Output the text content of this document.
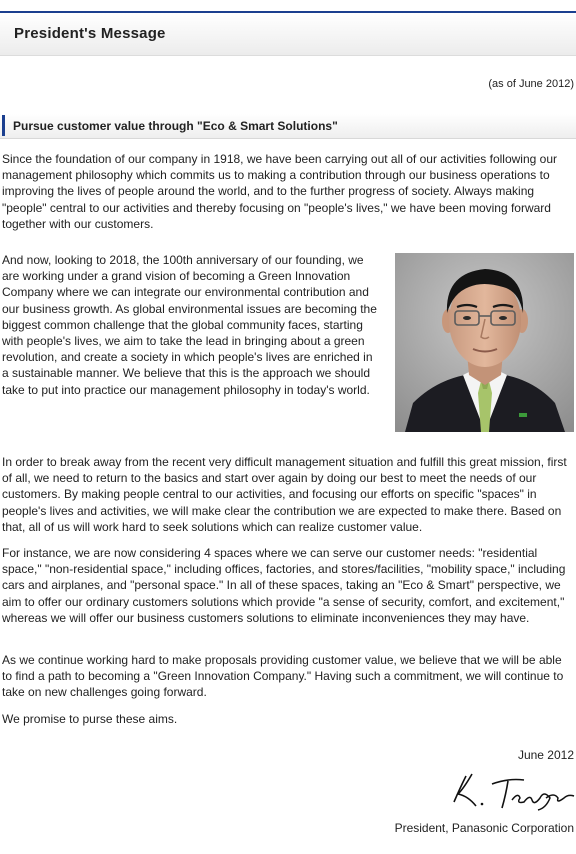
President's Message
(as of June 2012)
Pursue customer value through "Eco & Smart Solutions"

Since the foundation of our company in 1918, we have been carrying out all of our activities following our management philosophy which commits us to making a contribution through our business operations to improving the lives of people around the world, and to the further progress of society. Always making "people" central to our activities and thereby focusing on "people's lives," we have been moving forward together with our customers.

And now, looking to 2018, the 100th anniversary of our founding, we are working under a grand vision of becoming a Green Innovation Company where we can integrate our environmental contribution and our business growth. As global environmental issues are becoming the biggest common challenge that the global community faces, starting with people's lives, we aim to take the lead in bringing about a green revolution, and create a society in which people's lives are enriched in a sustainable manner. We believe that this is the approach we should take to put into practice our management philosophy in today's world.

In order to break away from the recent very difficult management situation and fulfill this great mission, first of all, we need to return to the basics and start over again by doing our best to meet the needs of our customers. By making people central to our activities, and focusing our efforts on specific "spaces" in people's lives and activities, we will make clear the contribution we are expected to make there. Based on that, all of us will work hard to seek solutions which can realize customer value.

For instance, we are now considering 4 spaces where we can serve our customer needs: "residential space," "non-residential space," including offices, factories, and stores/facilities, "mobility space," including cars and airplanes, and "personal space." In all of these spaces, taking an "Eco & Smart" perspective, we aim to offer our ordinary customers solutions which provide "a sense of security, comfort, and excitement," whereas we will offer our business customers solutions to eliminate inconveniences they may have.

As we continue working hard to make proposals providing customer value, we believe that we will be able to find a path to becoming a "Green Innovation Company." Having such a commitment, we will continue to take on new challenges going forward.

We promise to purse these aims.

June 2012
President, Panasonic Corporation
